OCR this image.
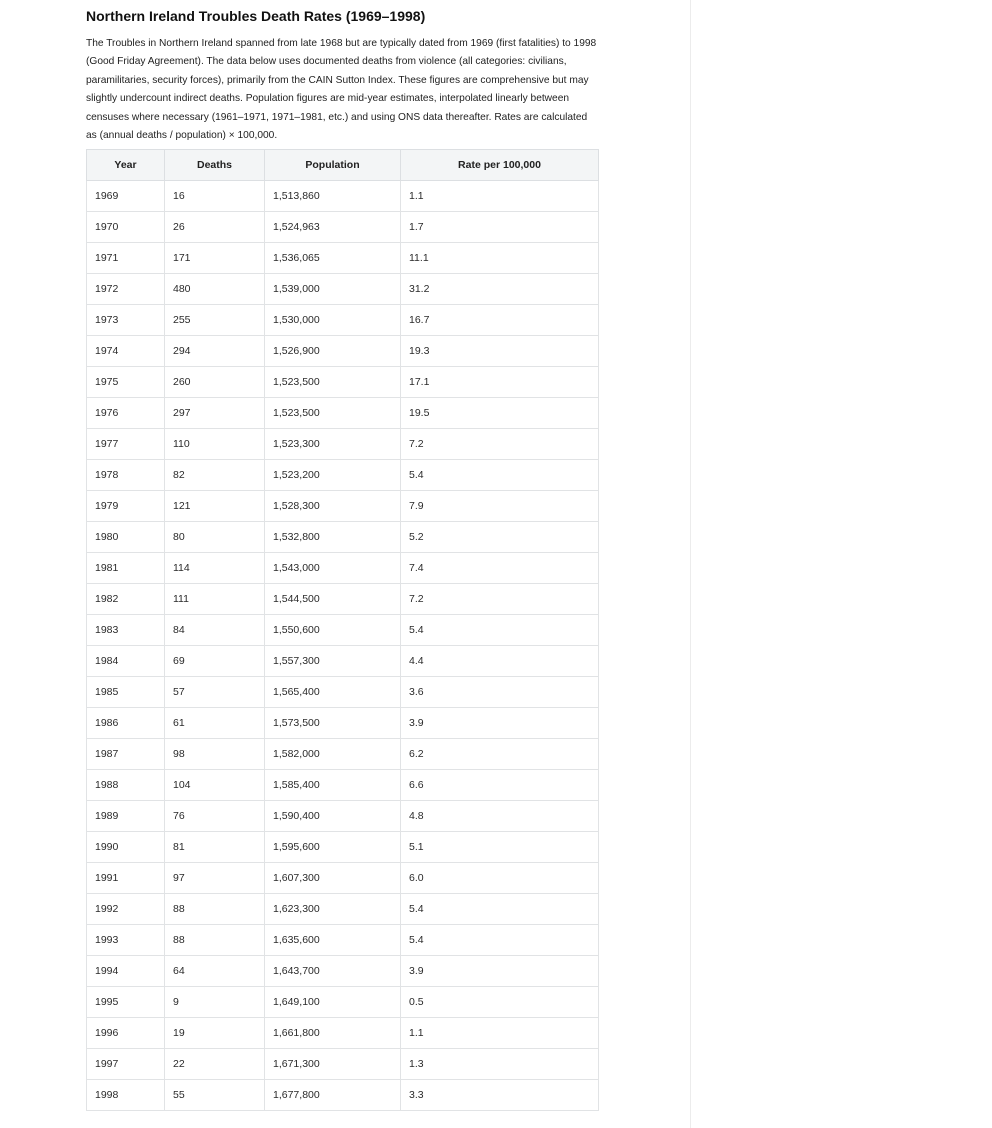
Northern Ireland Troubles Death Rates (1969–1998)

The Troubles in Northern Ireland spanned from late 1968 but are typically dated from 1969 (first fatalities) to 1998 (Good Friday Agreement). The data below uses documented deaths from violence (all categories: civilians, paramilitaries, security forces), primarily from the CAIN Sutton Index. These figures are comprehensive but may slightly undercount indirect deaths. Population figures are mid-year estimates, interpolated linearly between censuses where necessary (1961–1971, 1971–1981, etc.) and using ONS data thereafter. Rates are calculated as (annual deaths / population) × 100,000.

Year	Deaths	Population	Rate per 100,000
1969	16	1,513,860	1.1
1970	26	1,524,963	1.7
1971	171	1,536,065	11.1
1972	480	1,539,000	31.2
1973	255	1,530,000	16.7
1974	294	1,526,900	19.3
1975	260	1,523,500	17.1
1976	297	1,523,500	19.5
1977	110	1,523,300	7.2
1978	82	1,523,200	5.4
1979	121	1,528,300	7.9
1980	80	1,532,800	5.2
1981	114	1,543,000	7.4
1982	111	1,544,500	7.2
1983	84	1,550,600	5.4
1984	69	1,557,300	4.4
1985	57	1,565,400	3.6
1986	61	1,573,500	3.9
1987	98	1,582,000	6.2
1988	104	1,585,400	6.6
1989	76	1,590,400	4.8
1990	81	1,595,600	5.1
1991	97	1,607,300	6.0
1992	88	1,623,300	5.4
1993	88	1,635,600	5.4
1994	64	1,643,700	3.9
1995	9	1,649,100	0.5
1996	19	1,661,800	1.1
1997	22	1,671,300	1.3
1998	55	1,677,800	3.3
